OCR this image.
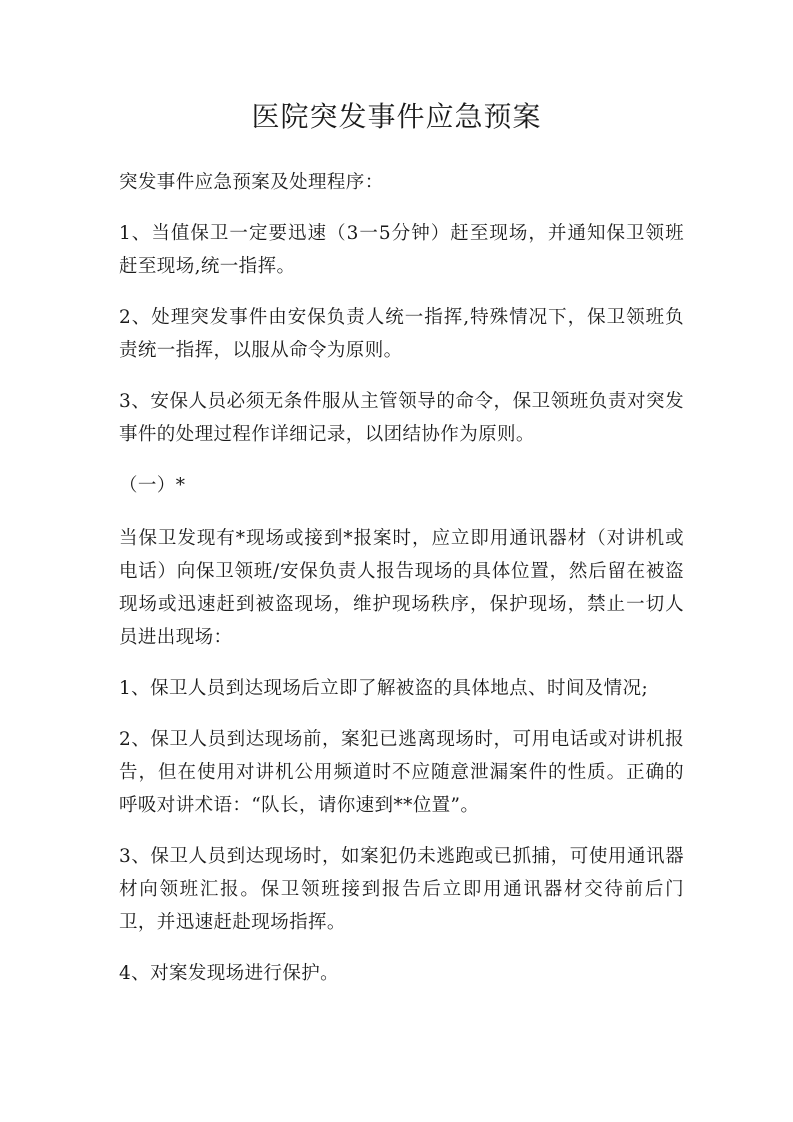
医院突发事件应急预案

突发事件应急预案及处理程序：

1、当值保卫一定要迅速（3一5分钟）赶至现场，并通知保卫领班赶至现场,统一指挥。

2、处理突发事件由安保负责人统一指挥,特殊情况下，保卫领班负责统一指挥，以服从命令为原则。

3、安保人员必须无条件服从主管领导的命令，保卫领班负责对突发事件的处理过程作详细记录，以团结协作为原则。

（一）*

当保卫发现有*现场或接到*报案时，应立即用通讯器材（对讲机或电话）向保卫领班/安保负责人报告现场的具体位置，然后留在被盗现场或迅速赶到被盗现场，维护现场秩序，保护现场，禁止一切人员进出现场：

1、保卫人员到达现场后立即了解被盗的具体地点、时间及情况;

2、保卫人员到达现场前，案犯已逃离现场时，可用电话或对讲机报告，但在使用对讲机公用频道时不应随意泄漏案件的性质。正确的呼吸对讲术语：“队长，请你速到**位置”。

3、保卫人员到达现场时，如案犯仍未逃跑或已抓捕，可使用通讯器材向领班汇报。保卫领班接到报告后立即用通讯器材交待前后门卫，并迅速赶赴现场指挥。

4、对案发现场进行保护。
